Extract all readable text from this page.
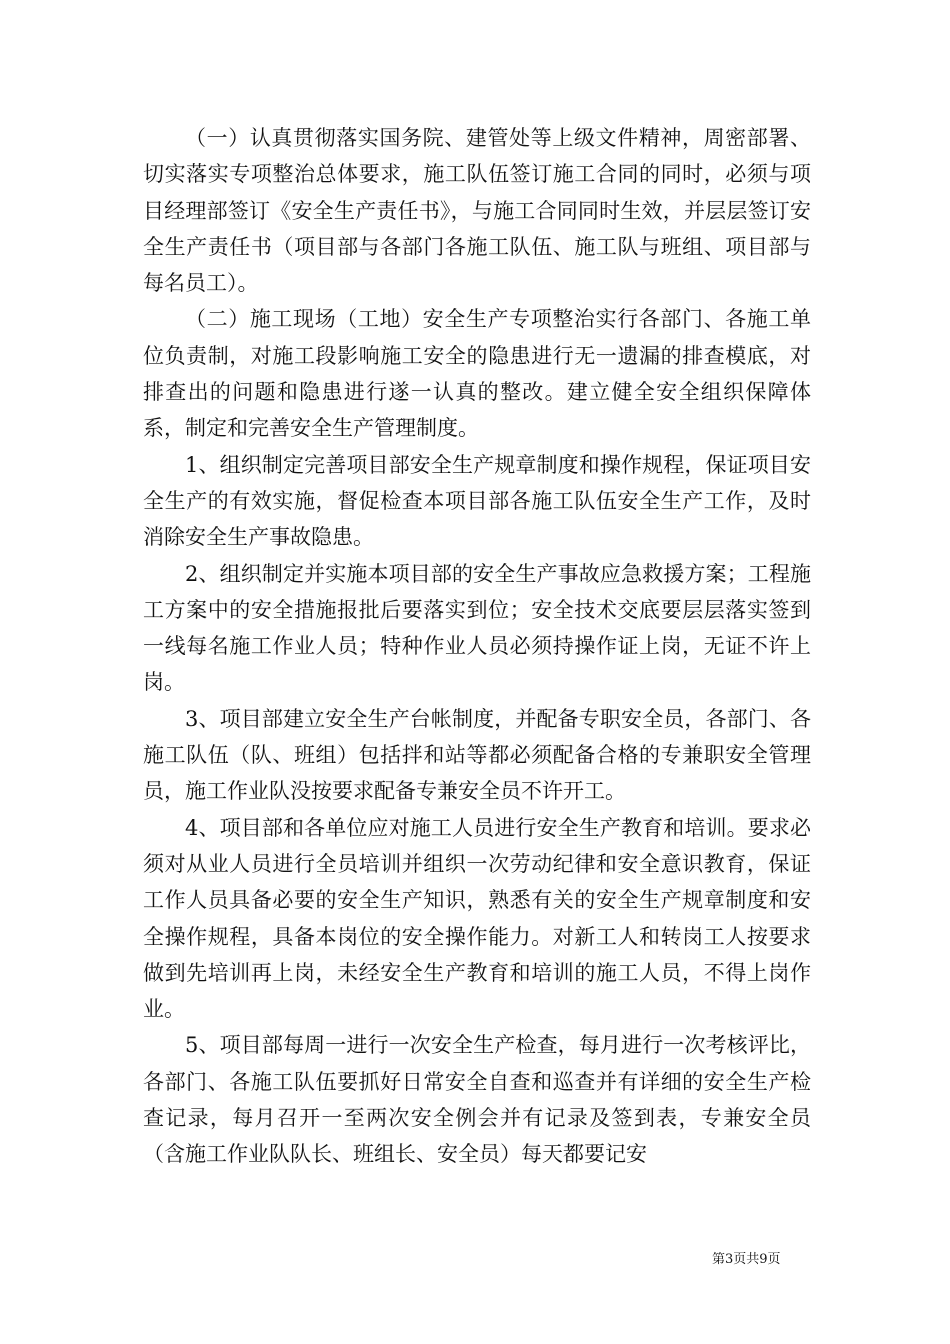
（一）认真贯彻落实国务院、建管处等上级文件精神，周密部署、切实落实专项整治总体要求，施工队伍签订施工合同的同时，必须与项目经理部签订《安全生产责任书》，与施工合同同时生效，并层层签订安全生产责任书（项目部与各部门各施工队伍、施工队与班组、项目部与每名员工）。

（二）施工现场（工地）安全生产专项整治实行各部门、各施工单位负责制，对施工段影响施工安全的隐患进行无一遗漏的排查模底，对排查出的问题和隐患进行遂一认真的整改。建立健全安全组织保障体系，制定和完善安全生产管理制度。

1、组织制定完善项目部安全生产规章制度和操作规程，保证项目安全生产的有效实施，督促检查本项目部各施工队伍安全生产工作，及时消除安全生产事故隐患。

2、组织制定并实施本项目部的安全生产事故应急救援方案；工程施工方案中的安全措施报批后要落实到位；安全技术交底要层层落实签到一线每名施工作业人员；特种作业人员必须持操作证上岗，无证不许上岗。

3、项目部建立安全生产台帐制度，并配备专职安全员，各部门、各施工队伍（队、班组）包括拌和站等都必须配备合格的专兼职安全管理员，施工作业队没按要求配备专兼安全员不许开工。

4、项目部和各单位应对施工人员进行安全生产教育和培训。要求必须对从业人员进行全员培训并组织一次劳动纪律和安全意识教育，保证工作人员具备必要的安全生产知识，熟悉有关的安全生产规章制度和安全操作规程，具备本岗位的安全操作能力。对新工人和转岗工人按要求做到先培训再上岗，未经安全生产教育和培训的施工人员，不得上岗作业。

5、项目部每周一进行一次安全生产检查，每月进行一次考核评比，各部门、各施工队伍要抓好日常安全自查和巡查并有详细的安全生产检查记录，每月召开一至两次安全例会并有记录及签到表，专兼安全员（含施工作业队队长、班组长、安全员）每天都要记安

第3页共9页
